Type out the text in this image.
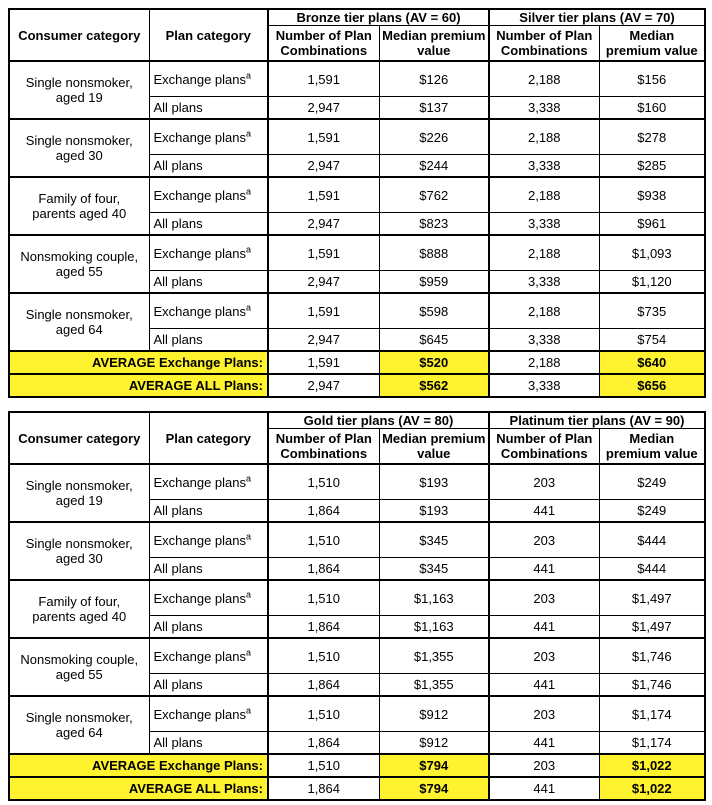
Consumer category	Plan category	Bronze tier plans (AV = 60)		Silver tier plans (AV = 70)	
		Number of Plan Combinations	Median premium value	Number of Plan Combinations	Median premium value
Single nonsmoker, aged 19	Exchange plans$^a$	1,591	$126	2,188	$156
	All plans	2,947	$137	3,338	$160
Single nonsmoker, aged 30	Exchange plans$^a$	1,591	$226	2,188	$278
	All plans	2,947	$244	3,338	$285
Family of four, parents aged 40	Exchange plans$^a$	1,591	$762	2,188	$938
	All plans	2,947	$823	3,338	$961
Nonsmoking couple, aged 55	Exchange plans$^a$	1,591	$888	2,188	$1,093
	All plans	2,947	$959	3,338	$1,120
Single nonsmoker, aged 64	Exchange plans$^a$	1,591	$598	2,188	$735
	All plans	2,947	$645	3,338	$754
AVERAGE Exchange Plans:		1,591	$520	2,188	$640
AVERAGE ALL Plans:		2,947	$562	3,338	$656
Consumer category	Plan category	Gold tier plans (AV = 80)		Platinum tier plans (AV = 90)	
		Number of Plan Combinations	Median premium value	Number of Plan Combinations	Median premium value
Single nonsmoker, aged 19	Exchange plans$^a$	1,510	$193	203	$249
	All plans	1,864	$193	441	$249
Single nonsmoker, aged 30	Exchange plans$^a$	1,510	$345	203	$444
	All plans	1,864	$345	441	$444
Family of four, parents aged 40	Exchange plans$^a$	1,510	$1,163	203	$1,497
	All plans	1,864	$1,163	441	$1,497
Nonsmoking couple, aged 55	Exchange plans$^a$	1,510	$1,355	203	$1,746
	All plans	1,864	$1,355	441	$1,746
Single nonsmoker, aged 64	Exchange plans$^a$	1,510	$912	203	$1,174
	All plans	1,864	$912	441	$1,174
AVERAGE Exchange Plans:		1,510	$794	203	$1,022
AVERAGE ALL Plans:		1,864	$794	441	$1,022
